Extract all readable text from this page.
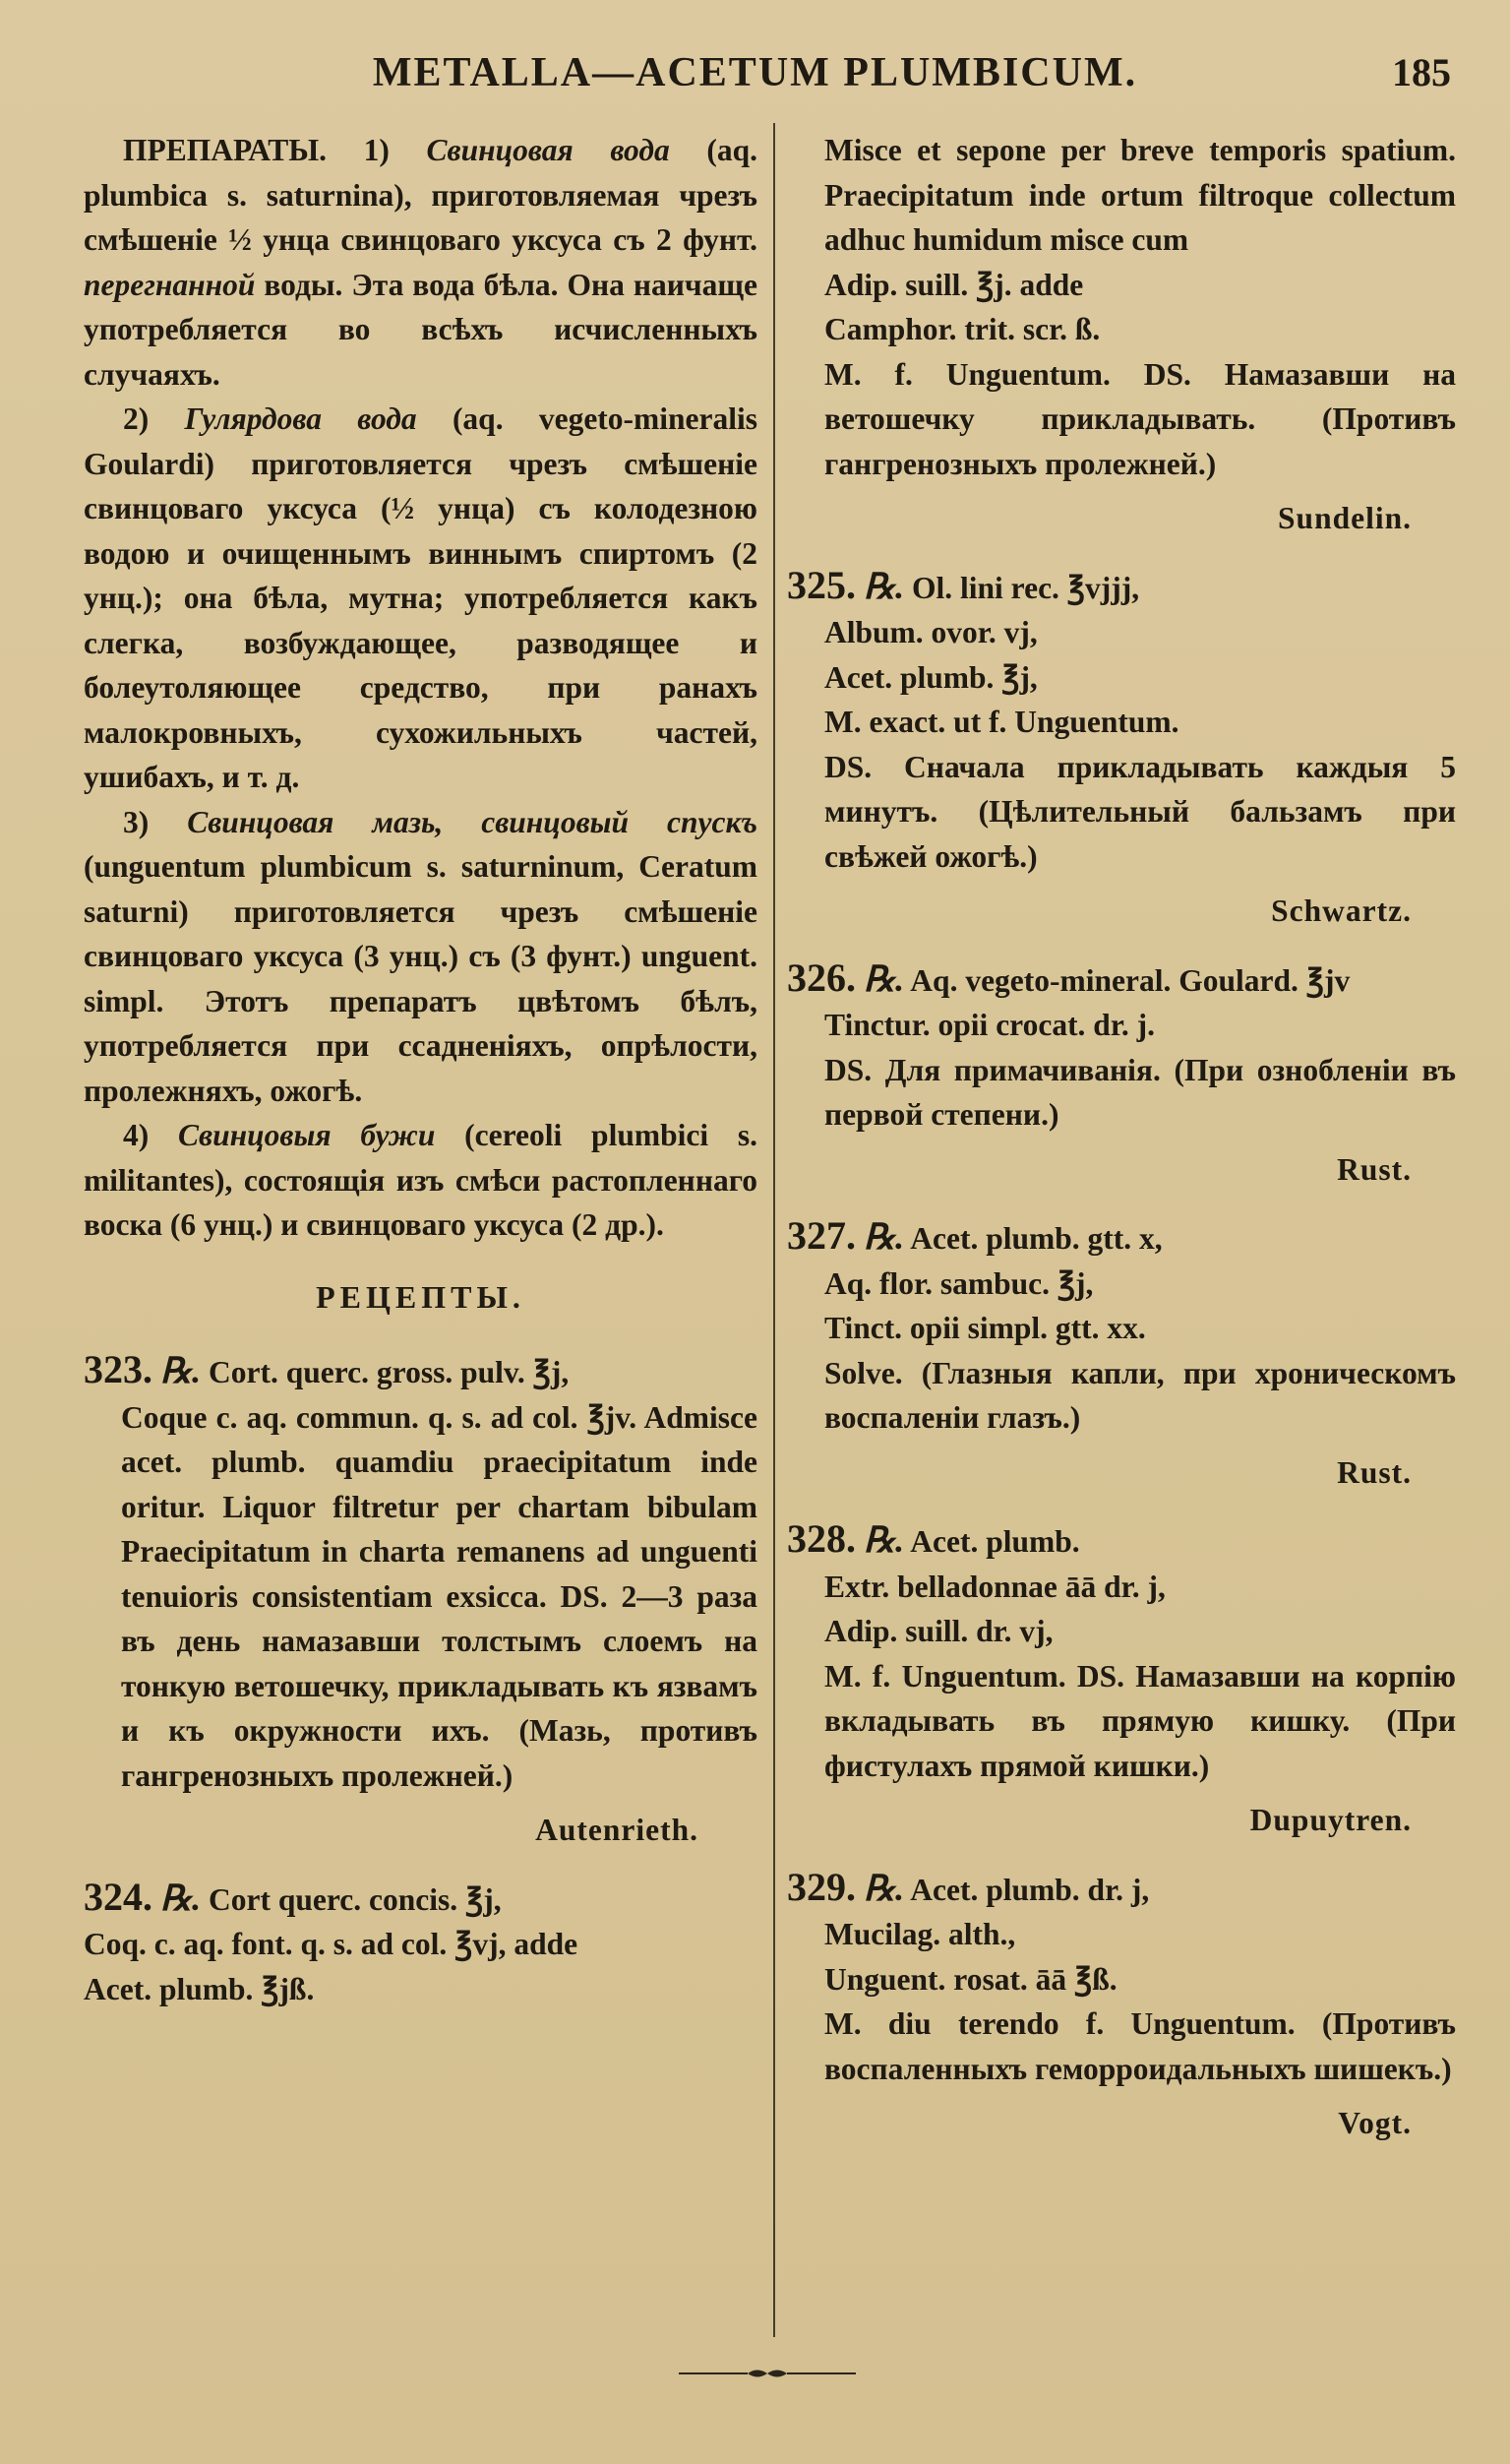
METALLA—ACETUM PLUMBICUM.	185

ПРЕПАРАТЫ. 1) Свинцовая вода (aq. plumbica s. saturnina), приготовляемая чрезъ смѣшеніе ½ унца свинцоваго уксуса съ 2 фунт. перегнанной воды. Эта вода бѣла. Она наичаще употребляется во всѣхъ исчисленныхъ случаяхъ.

2) Гулярдова вода (aq. vegeto-mineralis Goulardi) приготовляется чрезъ смѣшеніе свинцоваго уксуса (½ унца) съ колодезною водою и очищеннымъ виннымъ спиртомъ (2 унц.); она бѣла, мутна; употребляется какъ слегка, возбуждающее, разводящее и болеутоляющее средство, при ранахъ малокровныхъ, сухожильныхъ частей, ушибахъ, и т. д.

3) Свинцовая мазь, свинцовый спускъ (unguentum plumbicum s. saturninum, Ceratum saturni) приготовляется чрезъ смѣшеніе свинцоваго уксуса (3 унц.) съ (3 фунт.) unguent. simpl. Этотъ препаратъ цвѣтомъ бѣлъ, употребляется при ссадненіяхъ, опрѣлости, пролежняхъ, ожогѣ.

4) Свинцовыя бужи (cereoli plumbici s. militantes), состоящія изъ смѣси растопленнаго воска (6 унц.) и свинцоваго уксуса (2 др.).

РЕЦЕПТЫ.

323. ℞. Cort. querc. gross. pulv. ℥j,

Coque c. aq. commun. q. s. ad col. ℥jv. Admisce acet. plumb. quamdiu praecipitatum inde oritur. Liquor filtretur per chartam bibulam Praecipitatum in charta remanens ad unguenti tenuioris consistentiam exsicca. DS. 2—3 раза въ день намазавши толстымъ слоемъ на тонкую ветошечку, прикладывать къ язвамъ и къ окружности ихъ. (Мазь, противъ гангренозныхъ пролежней.)

Autenrieth.

324. ℞. Cort querc. concis. ℥j,

Coq. c. aq. font. q. s. ad col. ℥vj, adde

Acet. plumb. ℥jß.

Misce et sepone per breve temporis spatium. Praecipitatum inde ortum filtroque collectum adhuc humidum misce cum

Adip. suill. ℥j. adde

Camphor. trit. scr. ß.

M. f. Unguentum. DS. Намазавши на ветошечку прикладывать. (Противъ гангренозныхъ пролежней.)

Sundelin.

325. ℞. Ol. lini rec. ℥vjjj,

Album. ovor. vj,

Acet. plumb. ℥j,

M. exact. ut f. Unguentum.

DS. Сначала прикладывать каждыя 5 минутъ. (Цѣлительный бальзамъ при свѣжей ожогѣ.)

Schwartz.

326. ℞. Aq. vegeto-mineral. Goulard. ℥jv

Tinctur. opii crocat. dr. j.

DS. Для примачиванія. (При ознобленіи въ первой степени.)

Rust.

327. ℞. Acet. plumb. gtt. x,

Aq. flor. sambuc. ℥j,

Tinct. opii simpl. gtt. xx.

Solve. (Глазныя капли, при хроническомъ воспаленіи глазъ.)

Rust.

328. ℞. Acet. plumb.

Extr. belladonnae āā dr. j,

Adip. suill. dr. vj,

M. f. Unguentum. DS. Намазавши на корпію вкладывать въ прямую кишку. (При фистулахъ прямой кишки.)

Dupuytren.

329. ℞. Acet. plumb. dr. j,

Mucilag. alth.,

Unguent. rosat. āā ℥ß.

M. diu terendo f. Unguentum. (Противъ воспаленныхъ геморроидальныхъ шишекъ.)

Vogt.
